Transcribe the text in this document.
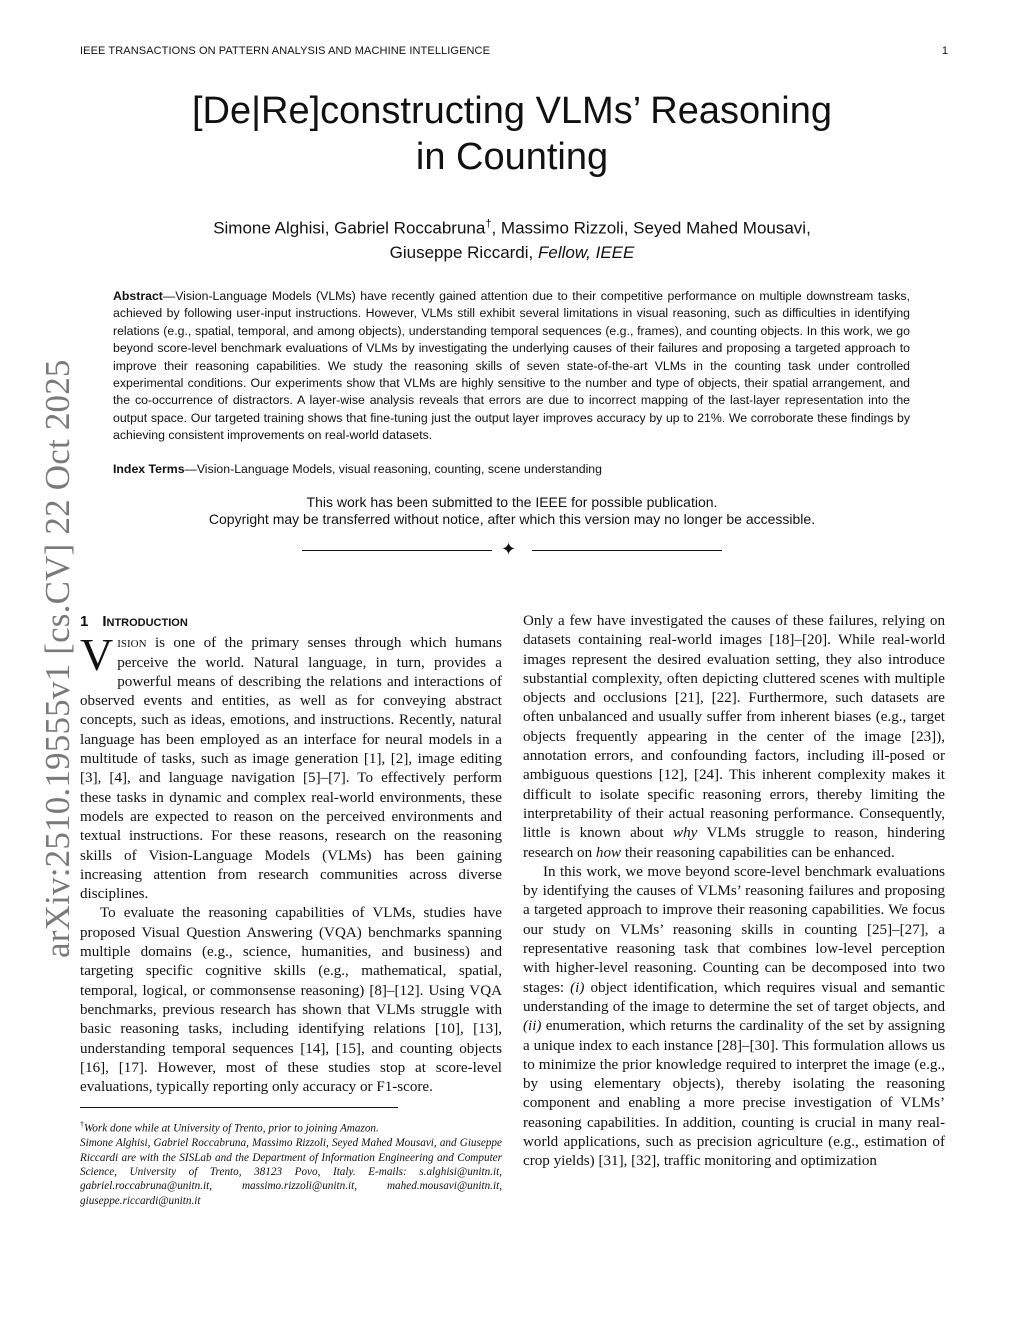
IEEE TRANSACTIONS ON PATTERN ANALYSIS AND MACHINE INTELLIGENCE	1
arXiv:2510.19555v1 [cs.CV] 22 Oct 2025
[De|Re]constructing VLMs’ Reasoning
in Counting
Simone Alghisi, Gabriel Roccabruna†, Massimo Rizzoli, Seyed Mahed Mousavi,
Giuseppe Riccardi, Fellow, IEEE
Abstract—Vision-Language Models (VLMs) have recently gained attention due to their competitive performance on multiple downstream tasks, achieved by following user-input instructions. However, VLMs still exhibit several limitations in visual reasoning, such as difficulties in identifying relations (e.g., spatial, temporal, and among objects), understanding temporal sequences (e.g., frames), and counting objects. In this work, we go beyond score-level benchmark evaluations of VLMs by investigating the underlying causes of their failures and proposing a targeted approach to improve their reasoning capabilities. We study the reasoning skills of seven state-of-the-art VLMs in the counting task under controlled experimental conditions. Our experiments show that VLMs are highly sensitive to the number and type of objects, their spatial arrangement, and the co-occurrence of distractors. A layer-wise analysis reveals that errors are due to incorrect mapping of the last-layer representation into the output space. Our targeted training shows that fine-tuning just the output layer improves accuracy by up to 21%. We corroborate these findings by achieving consistent improvements on real-world datasets.
Index Terms—Vision-Language Models, visual reasoning, counting, scene understanding
This work has been submitted to the IEEE for possible publication.
Copyright may be transferred without notice, after which this version may no longer be accessible.
✦
1 Introduction

Vision is one of the primary senses through which humans perceive the world. Natural language, in turn, provides a powerful means of describing the relations and interactions of observed events and entities, as well as for conveying abstract concepts, such as ideas, emotions, and instructions. Recently, natural language has been employed as an interface for neural models in a multitude of tasks, such as image generation [1], [2], image editing [3], [4], and language navigation [5]–[7]. To effectively perform these tasks in dynamic and complex real-world environments, these models are expected to reason on the perceived environments and textual instructions. For these reasons, research on the reasoning skills of Vision-Language Models (VLMs) has been gaining increasing attention from research communities across diverse disciplines.

To evaluate the reasoning capabilities of VLMs, studies have proposed Visual Question Answering (VQA) benchmarks spanning multiple domains (e.g., science, humanities, and business) and targeting specific cognitive skills (e.g., mathematical, spatial, temporal, logical, or commonsense reasoning) [8]–[12]. Using VQA benchmarks, previous research has shown that VLMs struggle with basic reasoning tasks, including identifying relations [10], [13], understanding temporal sequences [14], [15], and counting objects [16], [17]. However, most of these studies stop at score-level evaluations, typically reporting only accuracy or F1-score.

†Work done while at University of Trento, prior to joining Amazon.
Simone Alghisi, Gabriel Roccabruna, Massimo Rizzoli, Seyed Mahed Mousavi, and Giuseppe Riccardi are with the SISLab and the Department of Information Engineering and Computer Science, University of Trento, 38123 Povo, Italy. E-mails: s.alghisi@unitn.it, gabriel.roccabruna@unitn.it, massimo.rizzoli@unitn.it, mahed.mousavi@unitn.it, giuseppe.riccardi@unitn.it

Only a few have investigated the causes of these failures, relying on datasets containing real-world images [18]–[20]. While real-world images represent the desired evaluation setting, they also introduce substantial complexity, often depicting cluttered scenes with multiple objects and occlusions [21], [22]. Furthermore, such datasets are often unbalanced and usually suffer from inherent biases (e.g., target objects frequently appearing in the center of the image [23]), annotation errors, and confounding factors, including ill-posed or ambiguous questions [12], [24]. This inherent complexity makes it difficult to isolate specific reasoning errors, thereby limiting the interpretability of their actual reasoning performance. Consequently, little is known about why VLMs struggle to reason, hindering research on how their reasoning capabilities can be enhanced.

In this work, we move beyond score-level benchmark evaluations by identifying the causes of VLMs’ reasoning failures and proposing a targeted approach to improve their reasoning capabilities. We focus our study on VLMs’ reasoning skills in counting [25]–[27], a representative reasoning task that combines low-level perception with higher-level reasoning. Counting can be decomposed into two stages: (i) object identification, which requires visual and semantic understanding of the image to determine the set of target objects, and (ii) enumeration, which returns the cardinality of the set by assigning a unique index to each instance [28]–[30]. This formulation allows us to minimize the prior knowledge required to interpret the image (e.g., by using elementary objects), thereby isolating the reasoning component and enabling a more precise investigation of VLMs’ reasoning capabilities. In addition, counting is crucial in many real-world applications, such as precision agriculture (e.g., estimation of crop yields) [31], [32], traffic monitoring and optimization
